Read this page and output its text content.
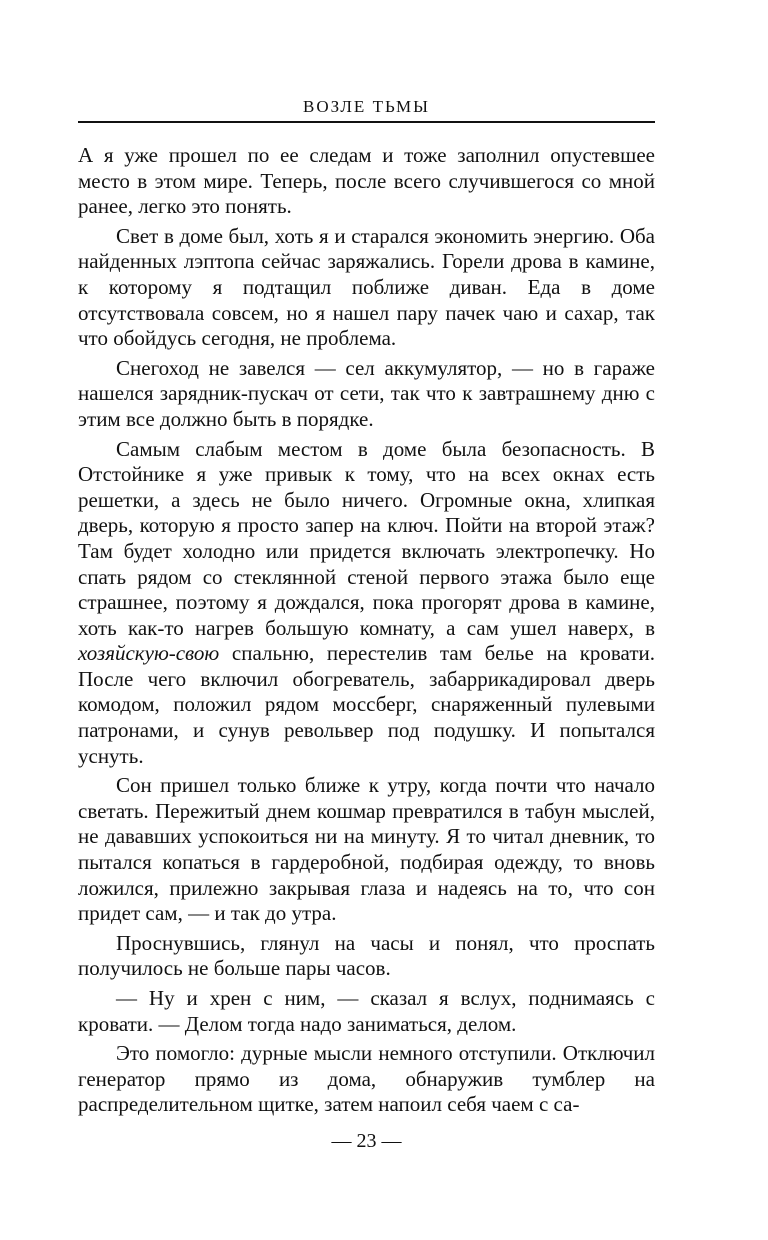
ВОЗЛЕ ТЬМЫ

А я уже прошел по ее следам и тоже заполнил опустевшее место в этом мире. Теперь, после всего случившегося со мной ранее, легко это понять.

Свет в доме был, хоть я и старался экономить энергию. Оба найденных лэптопа сейчас заряжались. Горели дрова в камине, к которому я подтащил поближе диван. Еда в доме отсутствовала совсем, но я нашел пару пачек чаю и сахар, так что обойдусь сегодня, не проблема.

Снегоход не завелся — сел аккумулятор, — но в гараже нашелся зарядник-пускач от сети, так что к завтрашнему дню с этим все должно быть в порядке.

Самым слабым местом в доме была безопасность. В Отстойнике я уже привык к тому, что на всех окнах есть решетки, а здесь не было ничего. Огромные окна, хлипкая дверь, которую я просто запер на ключ. Пойти на второй этаж? Там будет холодно или придется включать электропечку. Но спать рядом со стеклянной стеной первого этажа было еще страшнее, поэтому я дождался, пока прогорят дрова в камине, хоть как-то нагрев большую комнату, а сам ушел наверх, в хозяйскую-свою спальню, перестелив там белье на кровати. После чего включил обогреватель, забаррикадировал дверь комодом, положил рядом моссберг, снаряженный пулевыми патронами, и сунув револьвер под подушку. И попытался уснуть.

Сон пришел только ближе к утру, когда почти что начало светать. Пережитый днем кошмар превратился в табун мыслей, не дававших успокоиться ни на минуту. Я то читал дневник, то пытался копаться в гардеробной, подбирая одежду, то вновь ложился, прилежно закрывая глаза и надеясь на то, что сон придет сам, — и так до утра.

Проснувшись, глянул на часы и понял, что проспать получилось не больше пары часов.

— Ну и хрен с ним, — сказал я вслух, поднимаясь с кровати. — Делом тогда надо заниматься, делом.

Это помогло: дурные мысли немного отступили. Отключил генератор прямо из дома, обнаружив тумблер на распределительном щитке, затем напоил себя чаем с са-

— 23 —
